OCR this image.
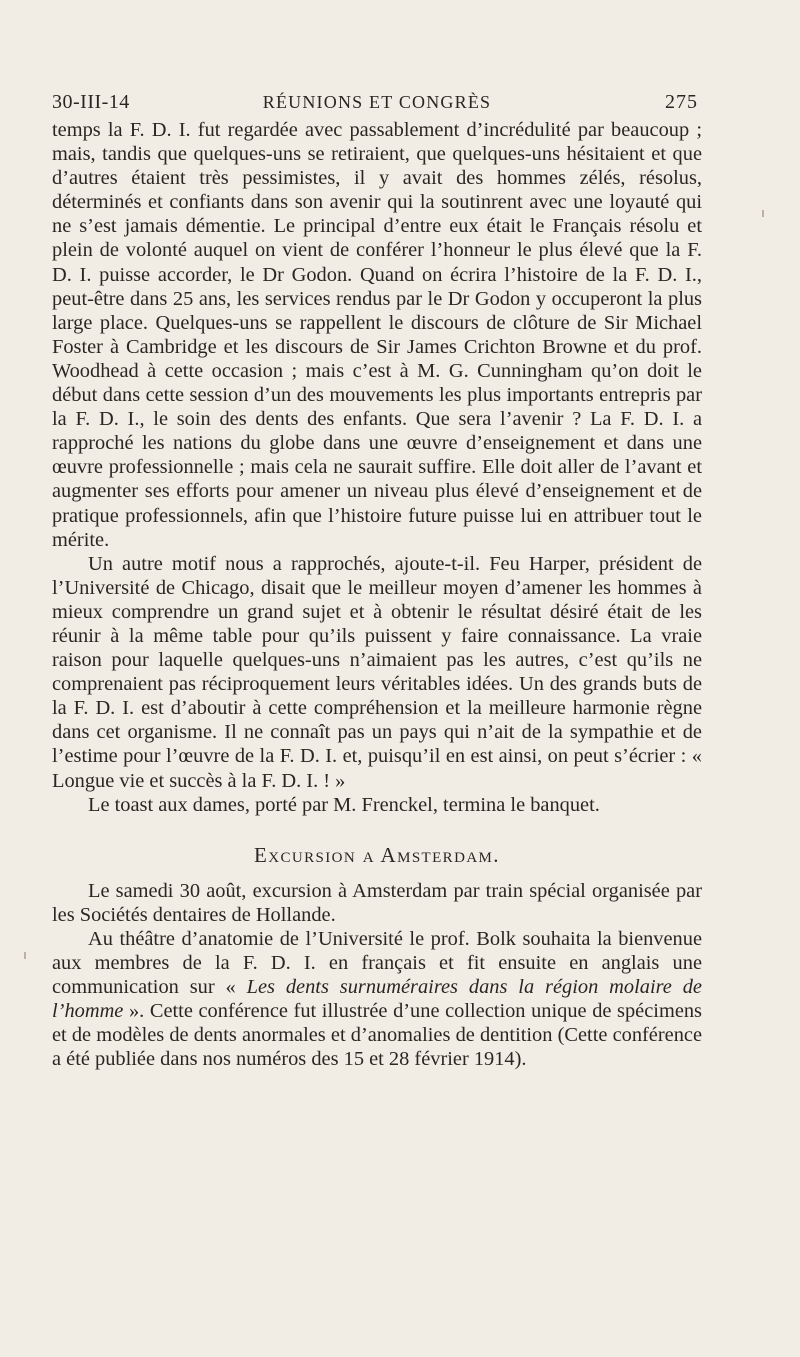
30-III-14	RÉUNIONS ET CONGRÈS	275

temps la F. D. I. fut regardée avec passablement d’incrédulité par beaucoup ; mais, tandis que quelques-uns se retiraient, que quelques-uns hésitaient et que d’autres étaient très pessimistes, il y avait des hommes zélés, résolus, déterminés et confiants dans son avenir qui la soutinrent avec une loyauté qui ne s’est jamais démentie. Le principal d’entre eux était le Français résolu et plein de volonté auquel on vient de conférer l’honneur le plus élevé que la F. D. I. puisse accorder, le Dr Godon. Quand on écrira l’histoire de la F. D. I., peut-être dans 25 ans, les services rendus par le Dr Godon y occuperont la plus large place. Quelques-uns se rappellent le discours de clôture de Sir Michael Foster à Cambridge et les discours de Sir James Crichton Browne et du prof. Woodhead à cette occasion ; mais c’est à M. G. Cunningham qu’on doit le début dans cette session d’un des mouvements les plus importants entrepris par la F. D. I., le soin des dents des enfants. Que sera l’avenir ? La F. D. I. a rapproché les nations du globe dans une œuvre d’enseignement et dans une œuvre professionnelle ; mais cela ne saurait suffire. Elle doit aller de l’avant et augmenter ses efforts pour amener un niveau plus élevé d’enseignement et de pratique professionnels, afin que l’histoire future puisse lui en attribuer tout le mérite.

Un autre motif nous a rapprochés, ajoute-t-il. Feu Harper, président de l’Université de Chicago, disait que le meilleur moyen d’amener les hommes à mieux comprendre un grand sujet et à obtenir le résultat désiré était de les réunir à la même table pour qu’ils puissent y faire connaissance. La vraie raison pour laquelle quelques-uns n’aimaient pas les autres, c’est qu’ils ne comprenaient pas réciproquement leurs véritables idées. Un des grands buts de la F. D. I. est d’aboutir à cette compréhension et la meilleure harmonie règne dans cet organisme. Il ne connaît pas un pays qui n’ait de la sympathie et de l’estime pour l’œuvre de la F. D. I. et, puisqu’il en est ainsi, on peut s’écrier : « Longue vie et succès à la F. D. I. ! »

Le toast aux dames, porté par M. Frenckel, termina le banquet.

Excursion a Amsterdam.

Le samedi 30 août, excursion à Amsterdam par train spécial organisée par les Sociétés dentaires de Hollande.

Au théâtre d’anatomie de l’Université le prof. Bolk souhaita la bienvenue aux membres de la F. D. I. en français et fit ensuite en anglais une communication sur « Les dents surnuméraires dans la région molaire de l’homme ». Cette conférence fut illustrée d’une collection unique de spécimens et de modèles de dents anormales et d’anomalies de dentition (Cette conférence a été publiée dans nos numéros des 15 et 28 février 1914).
